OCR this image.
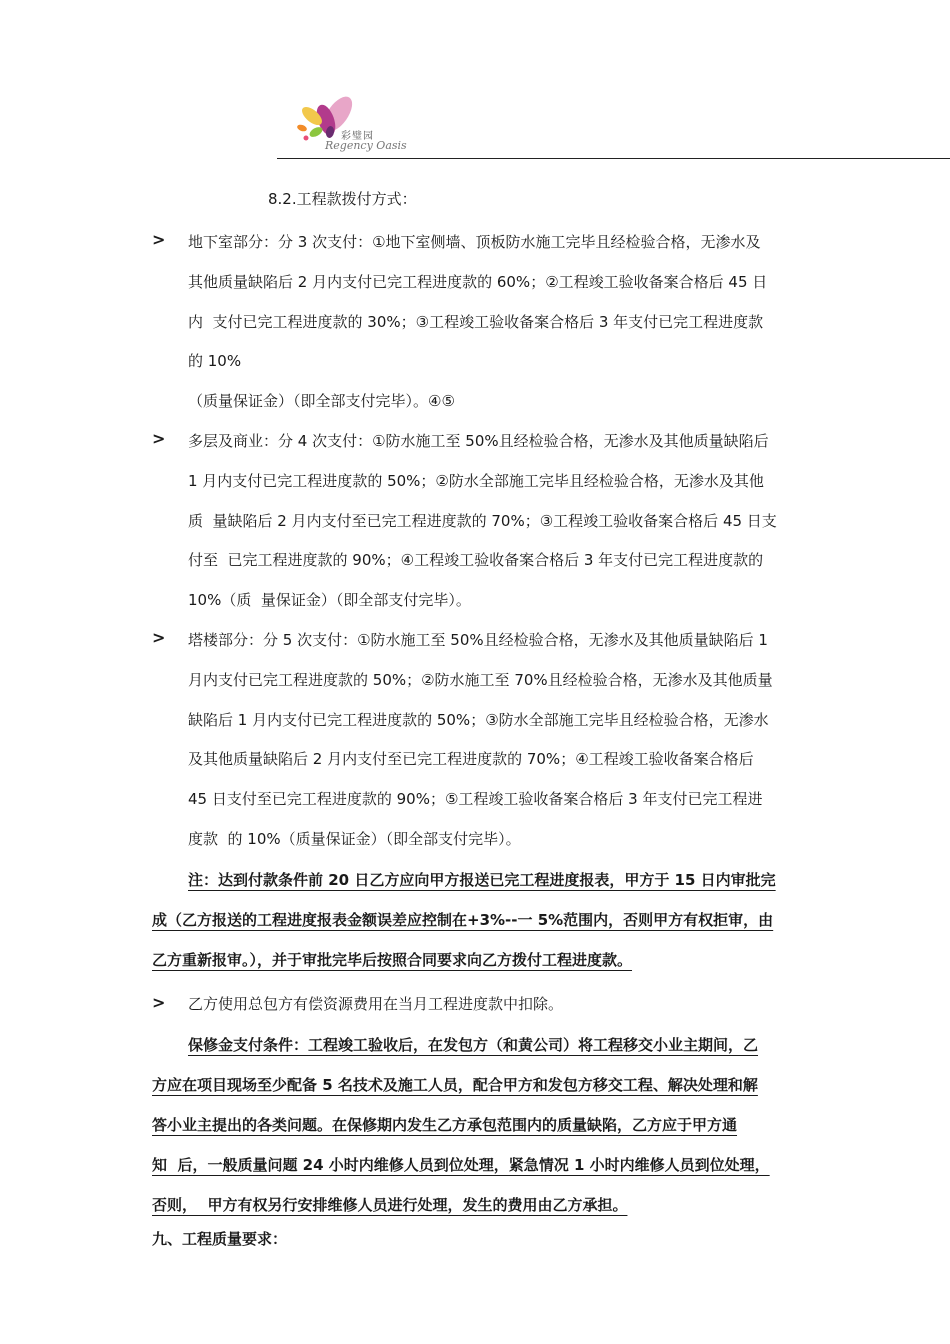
彩璧园
Regency Oasis
8.2.工程款拨付方式：
> 地下室部分：分 3 次支付：①地下室侧墙、顶板防水施工完毕且经检验合格，无渗水及
其他质量缺陷后 2 月内支付已完工程进度款的 60%；②工程竣工验收备案合格后 45 日
内  支付已完工程进度款的 30%；③工程竣工验收备案合格后 3 年支付已完工程进度款
的 10%
（质量保证金）（即全部支付完毕）。④⑤
> 多层及商业：分 4 次支付：①防水施工至 50%且经检验合格，无渗水及其他质量缺陷后
1 月内支付已完工程进度款的 50%；②防水全部施工完毕且经检验合格，无渗水及其他
质  量缺陷后 2 月内支付至已完工程进度款的 70%；③工程竣工验收备案合格后 45 日支
付至  已完工程进度款的 90%；④工程竣工验收备案合格后 3 年支付已完工程进度款的
10%（质  量保证金）（即全部支付完毕）。
> 塔楼部分：分 5 次支付：①防水施工至 50%且经检验合格，无渗水及其他质量缺陷后 1
月内支付已完工程进度款的 50%；②防水施工至 70%且经检验合格，无渗水及其他质量
缺陷后 1 月内支付已完工程进度款的 50%；③防水全部施工完毕且经检验合格，无渗水
及其他质量缺陷后 2 月内支付至已完工程进度款的 70%；④工程竣工验收备案合格后
45 日支付至已完工程进度款的 90%；⑤工程竣工验收备案合格后 3 年支付已完工程进
度款  的 10%（质量保证金）（即全部支付完毕）。
注：达到付款条件前 20 日乙方应向甲方报送已完工程进度报表，甲方于 15 日内审批完
成（乙方报送的工程进度报表金额误差应控制在+3%--一 5%范围内，否则甲方有权拒审，由
乙方重新报审。），并于审批完毕后按照合同要求向乙方拨付工程进度款。
> 乙方使用总包方有偿资源费用在当月工程进度款中扣除。
保修金支付条件：工程竣工验收后，在发包方（和黄公司）将工程移交小业主期间，乙
方应在项目现场至少配备 5 名技术及施工人员，配合甲方和发包方移交工程、解决处理和解
答小业主提出的各类问题。在保修期内发生乙方承包范围内的质量缺陷，乙方应于甲方通
知  后，一般质量问题 24 小时内维修人员到位处理，紧急情况 1 小时内维修人员到位处理，
否则，  甲方有权另行安排维修人员进行处理，发生的费用由乙方承担。
九、工程质量要求：
